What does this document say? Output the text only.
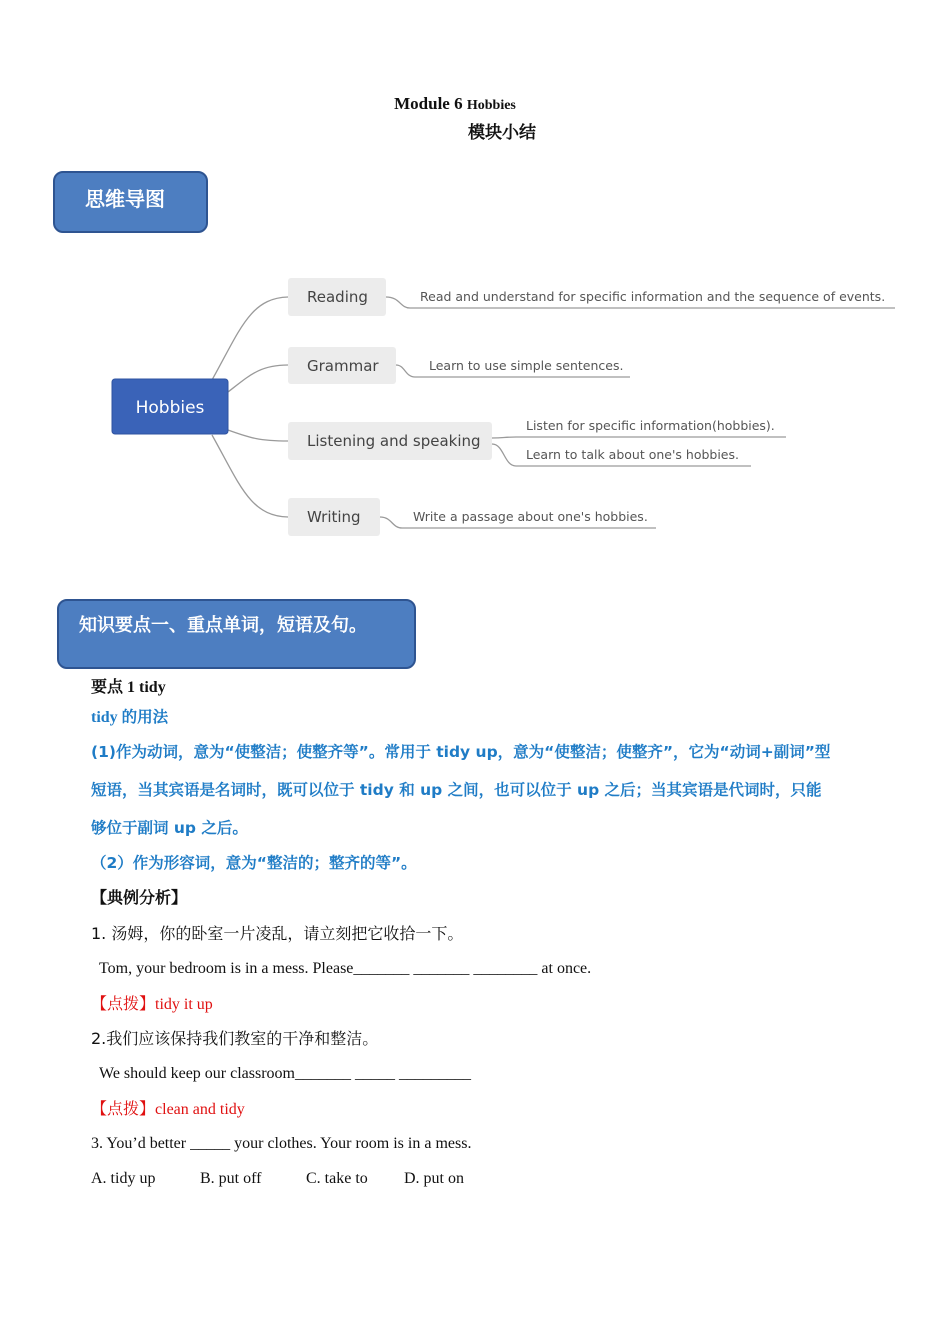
Module 6 Hobbies
模块小结
思维导图
Hobbies
Reading
Grammar
Listening and speaking
Writing
Read and understand for specific information and the sequence of events.
Learn to use simple sentences.
Listen for specific information(hobbies).
Learn to talk about one's hobbies.
Write a passage about one's hobbies.
知识要点一、重点单词，短语及句。
要点 1 tidy
tidy 的用法
(1)作为动词，意为“使整洁；使整齐等”。常用于 tidy up，意为“使整洁；使整齐”，它为“动词+副词”型
短语，当其宾语是名词时，既可以位于 tidy 和 up 之间，也可以位于 up 之后；当其宾语是代词时，只能
够位于副词 up 之后。
（2）作为形容词，意为“整洁的；整齐的等”。
【典例分析】
1. 汤姆，你的卧室一片凌乱，请立刻把它收拾一下。
Tom, your bedroom is in a mess. Please_______ _______ ________ at once.
【点拨】tidy it up
2.我们应该保持我们教室的干净和整洁。
We should keep our classroom_______ _____ _________
【点拨】clean and tidy
3. You’d better _____ your clothes. Your room is in a mess.
A. tidy up	B. put off	C. take to D. put on
